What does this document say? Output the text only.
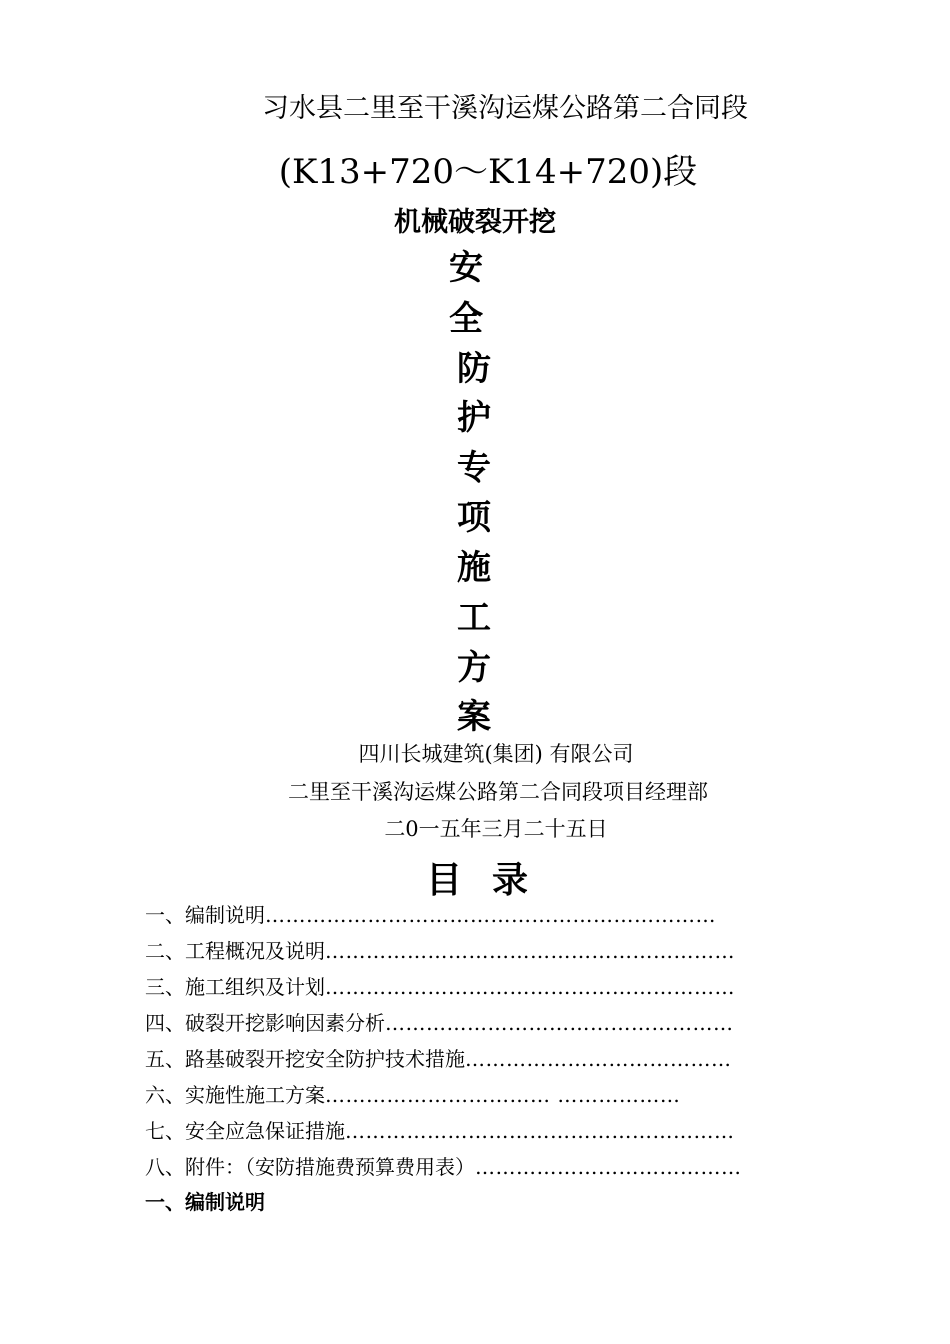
习水县二里至干溪沟运煤公路第二合同段
(K13+720～K14+720)段
机械破裂开挖
安
全
防
护
专
项
施
工
方
案
四川长城建筑(集团) 有限公司
二里至干溪沟运煤公路第二合同段项目经理部
二0一五年三月二十五日
目录
一、编制说明 …………………………………………………………
二、工程概况及说明 ……………………………………………………
三、施工组织及计划 ……………………………………………………
四、破裂开挖影响因素分析 ……………………………………………
五、路基破裂开挖安全防护技术措施 …………………………………
六、实施性施工方案 …………………………… ………………
七、安全应急保证措施 …………………………………………………
八、附件：（安防措施费预算费用表） …………………………………
一、编制说明
